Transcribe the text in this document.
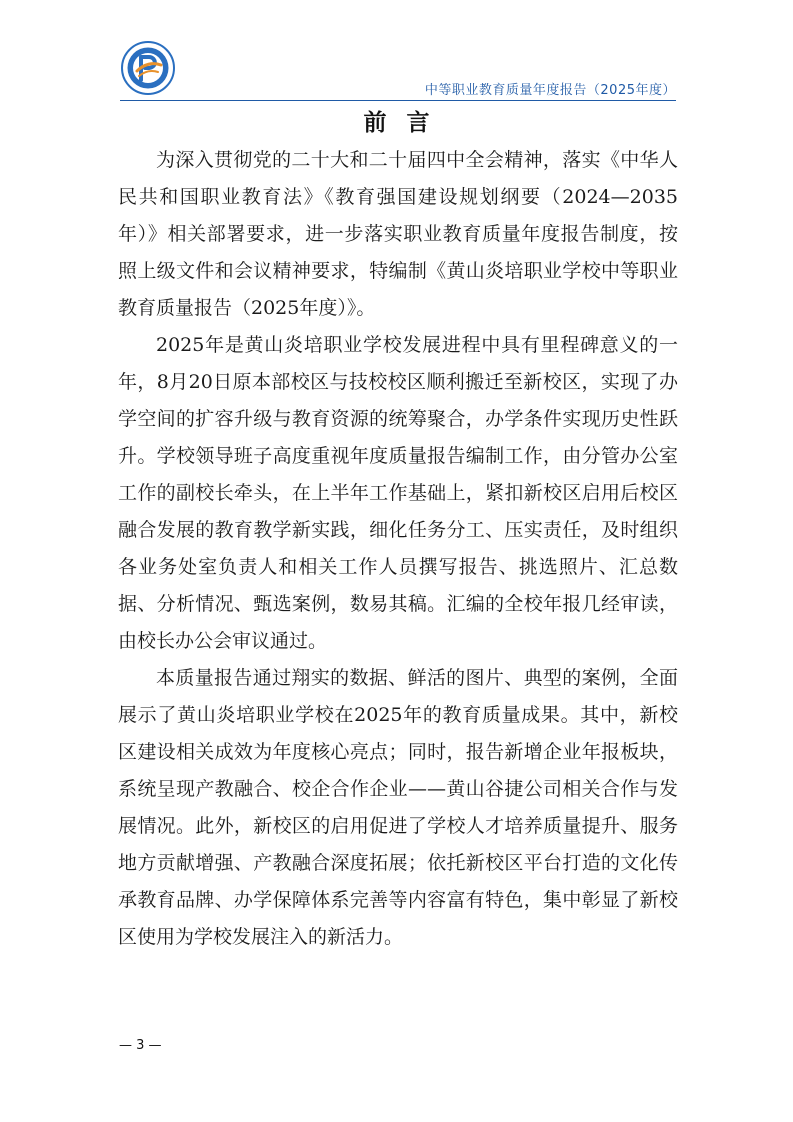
中等职业教育质量年度报告（2025年度）
前言

为深入贯彻党的二十大和二十届四中全会精神，落实《中华人民共和国职业教育法》《教育强国建设规划纲要（2024—2035年）》相关部署要求，进一步落实职业教育质量年度报告制度，按照上级文件和会议精神要求，特编制《黄山炎培职业学校中等职业教育质量报告（2025年度）》。

2025年是黄山炎培职业学校发展进程中具有里程碑意义的一年，8月20日原本部校区与技校校区顺利搬迁至新校区，实现了办学空间的扩容升级与教育资源的统筹聚合，办学条件实现历史性跃升。学校领导班子高度重视年度质量报告编制工作，由分管办公室工作的副校长牵头，在上半年工作基础上，紧扣新校区启用后校区融合发展的教育教学新实践，细化任务分工、压实责任，及时组织各业务处室负责人和相关工作人员撰写报告、挑选照片、汇总数据、分析情况、甄选案例，数易其稿。汇编的全校年报几经审读，由校长办公会审议通过。

本质量报告通过翔实的数据、鲜活的图片、典型的案例，全面展示了黄山炎培职业学校在2025年的教育质量成果。其中，新校区建设相关成效为年度核心亮点；同时，报告新增企业年报板块，系统呈现产教融合、校企合作企业——黄山谷捷公司相关合作与发展情况。此外，新校区的启用促进了学校人才培养质量提升、服务地方贡献增强、产教融合深度拓展；依托新校区平台打造的文化传承教育品牌、办学保障体系完善等内容富有特色，集中彰显了新校区使用为学校发展注入的新活力。

— 3 —
